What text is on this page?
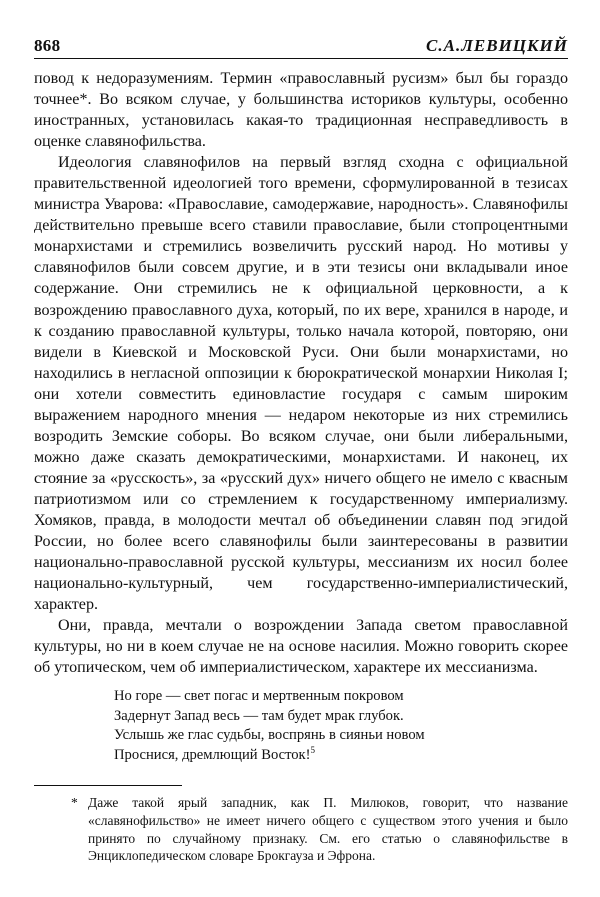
868	С.А.ЛЕВИЦКИЙ

повод к недоразумениям. Термин «православный русизм» был бы гораздо точнее*. Во всяком случае, у большинства историков культуры, особенно иностранных, установилась какая-то традиционная несправедливость в оценке славянофильства.

Идеология славянофилов на первый взгляд сходна с официальной правительственной идеологией того времени, сформулированной в тезисах министра Уварова: «Православие, самодержавие, народность». Славянофилы действительно превыше всего ставили православие, были стопроцентными монархистами и стремились возвеличить русский народ. Но мотивы у славянофилов были совсем другие, и в эти тезисы они вкладывали иное содержание. Они стремились не к официальной церковности, а к возрождению православного духа, который, по их вере, хранился в народе, и к созданию православной культуры, только начала которой, повторяю, они видели в Киевской и Московской Руси. Они были монархистами, но находились в негласной оппозиции к бюрократической монархии Николая I; они хотели совместить единовластие государя с самым широким выражением народного мнения — недаром некоторые из них стремились возродить Земские соборы. Во всяком случае, они были либеральными, можно даже сказать демократическими, монархистами. И наконец, их стояние за «русскость», за «русский дух» ничего общего не имело с квасным патриотизмом или со стремлением к государственному империализму. Хомяков, правда, в молодости мечтал об объединении славян под эгидой России, но более всего славянофилы были заинтересованы в развитии национально-православной русской культуры, мессианизм их носил более национально-культурный, чем государственно-империалистический, характер.

Они, правда, мечтали о возрождении Запада светом православной культуры, но ни в коем случае не на основе насилия. Можно говорить скорее об утопическом, чем об империалистическом, характере их мессианизма.

Но горе — свет погас и мертвенным покровом
Задернут Запад весь — там будет мрак глубок.
Услышь же глас судьбы, воспрянь в сияньи новом
Проснися, дремлющий Восток!$^5$
* Даже такой ярый западник, как П. Милюков, говорит, что название «славянофильство» не имеет ничего общего с существом этого учения и было принято по случайному признаку. См. его статью о славянофильстве в Энциклопедическом словаре Брокгауза и Эфрона.
